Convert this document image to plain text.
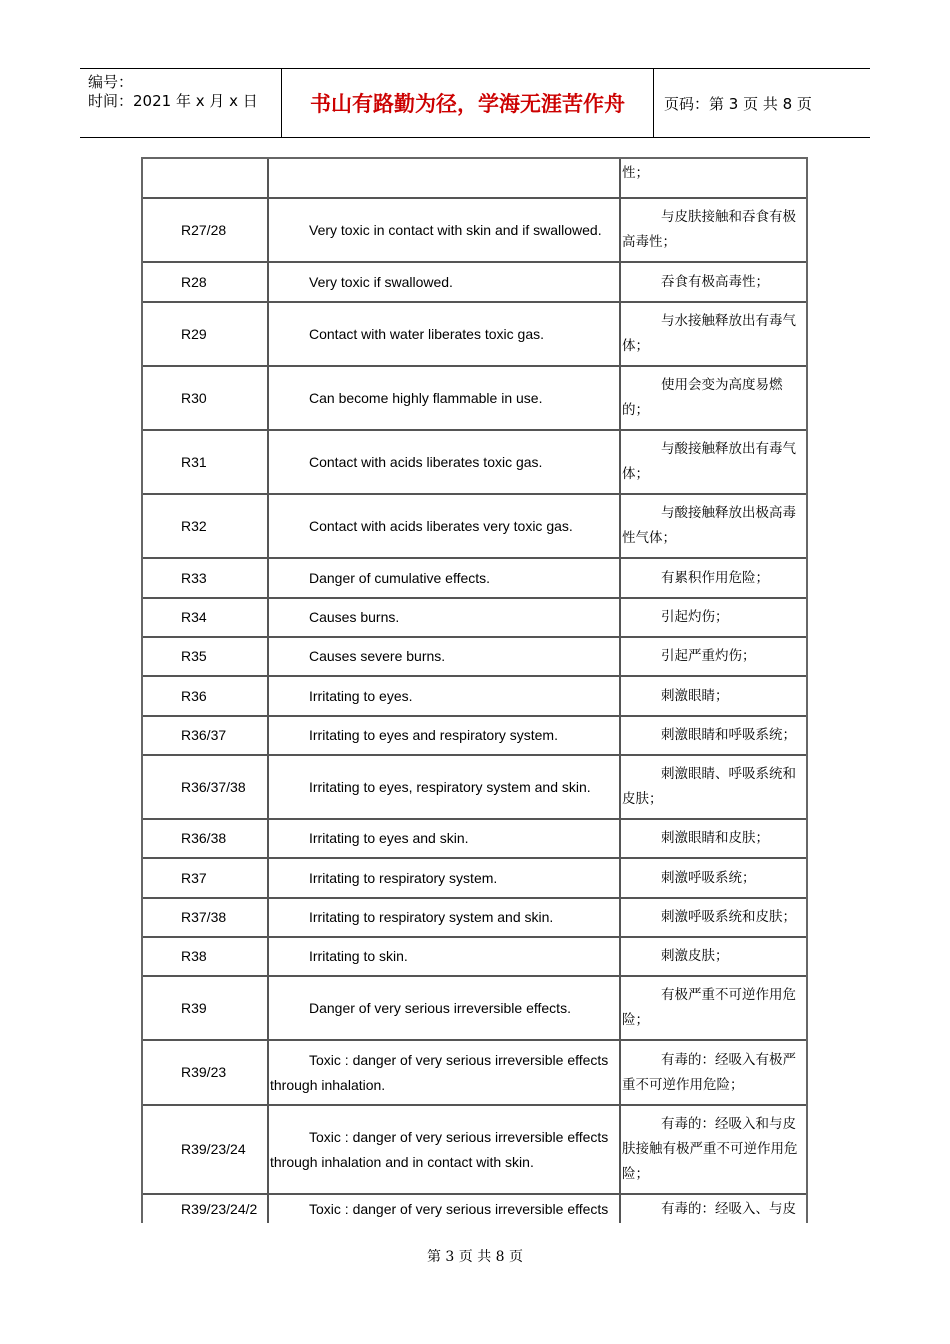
编号：
时间：2021 年 x 月 x 日	书山有路勤为径，学海无涯苦作舟	页码：第 3 页 共 8 页

		性；

R27/28	Very toxic in contact with skin and if swallowed.	与皮肤接触和吞食有极高毒性；

R28	Very toxic if swallowed.	吞食有极高毒性；

R29	Contact with water liberates toxic gas.	与水接触释放出有毒气体；

R30	Can become highly flammable in use.	使用会变为高度易燃的；

R31	Contact with acids liberates toxic gas.	与酸接触释放出有毒气体；

R32	Contact with acids liberates very toxic gas.	与酸接触释放出极高毒性气体；

R33	Danger of cumulative effects.	有累积作用危险；

R34	Causes burns.	引起灼伤；

R35	Causes severe burns.	引起严重灼伤；

R36	Irritating to eyes.	刺激眼睛；

R36/37	Irritating to eyes and respiratory system.	刺激眼睛和呼吸系统；

R36/37/38	Irritating to eyes, respiratory system and skin.	刺激眼睛、呼吸系统和皮肤；

R36/38	Irritating to eyes and skin.	刺激眼睛和皮肤；

R37	Irritating to respiratory system.	刺激呼吸系统；

R37/38	Irritating to respiratory system and skin.	刺激呼吸系统和皮肤；

R38	Irritating to skin.	刺激皮肤；

R39	Danger of very serious irreversible effects.	有极严重不可逆作用危险；

R39/23	Toxic : danger of very serious irreversible effects through inhalation.	有毒的：经吸入有极严重不可逆作用危险；

R39/23/24	Toxic : danger of very serious irreversible effects through inhalation and in contact with skin.	有毒的：经吸入和与皮肤接触有极严重不可逆作用危险；

R39/23/24/2	Toxic : danger of very serious irreversible effects	有毒的：经吸入、与皮
第 3 页 共 8 页
